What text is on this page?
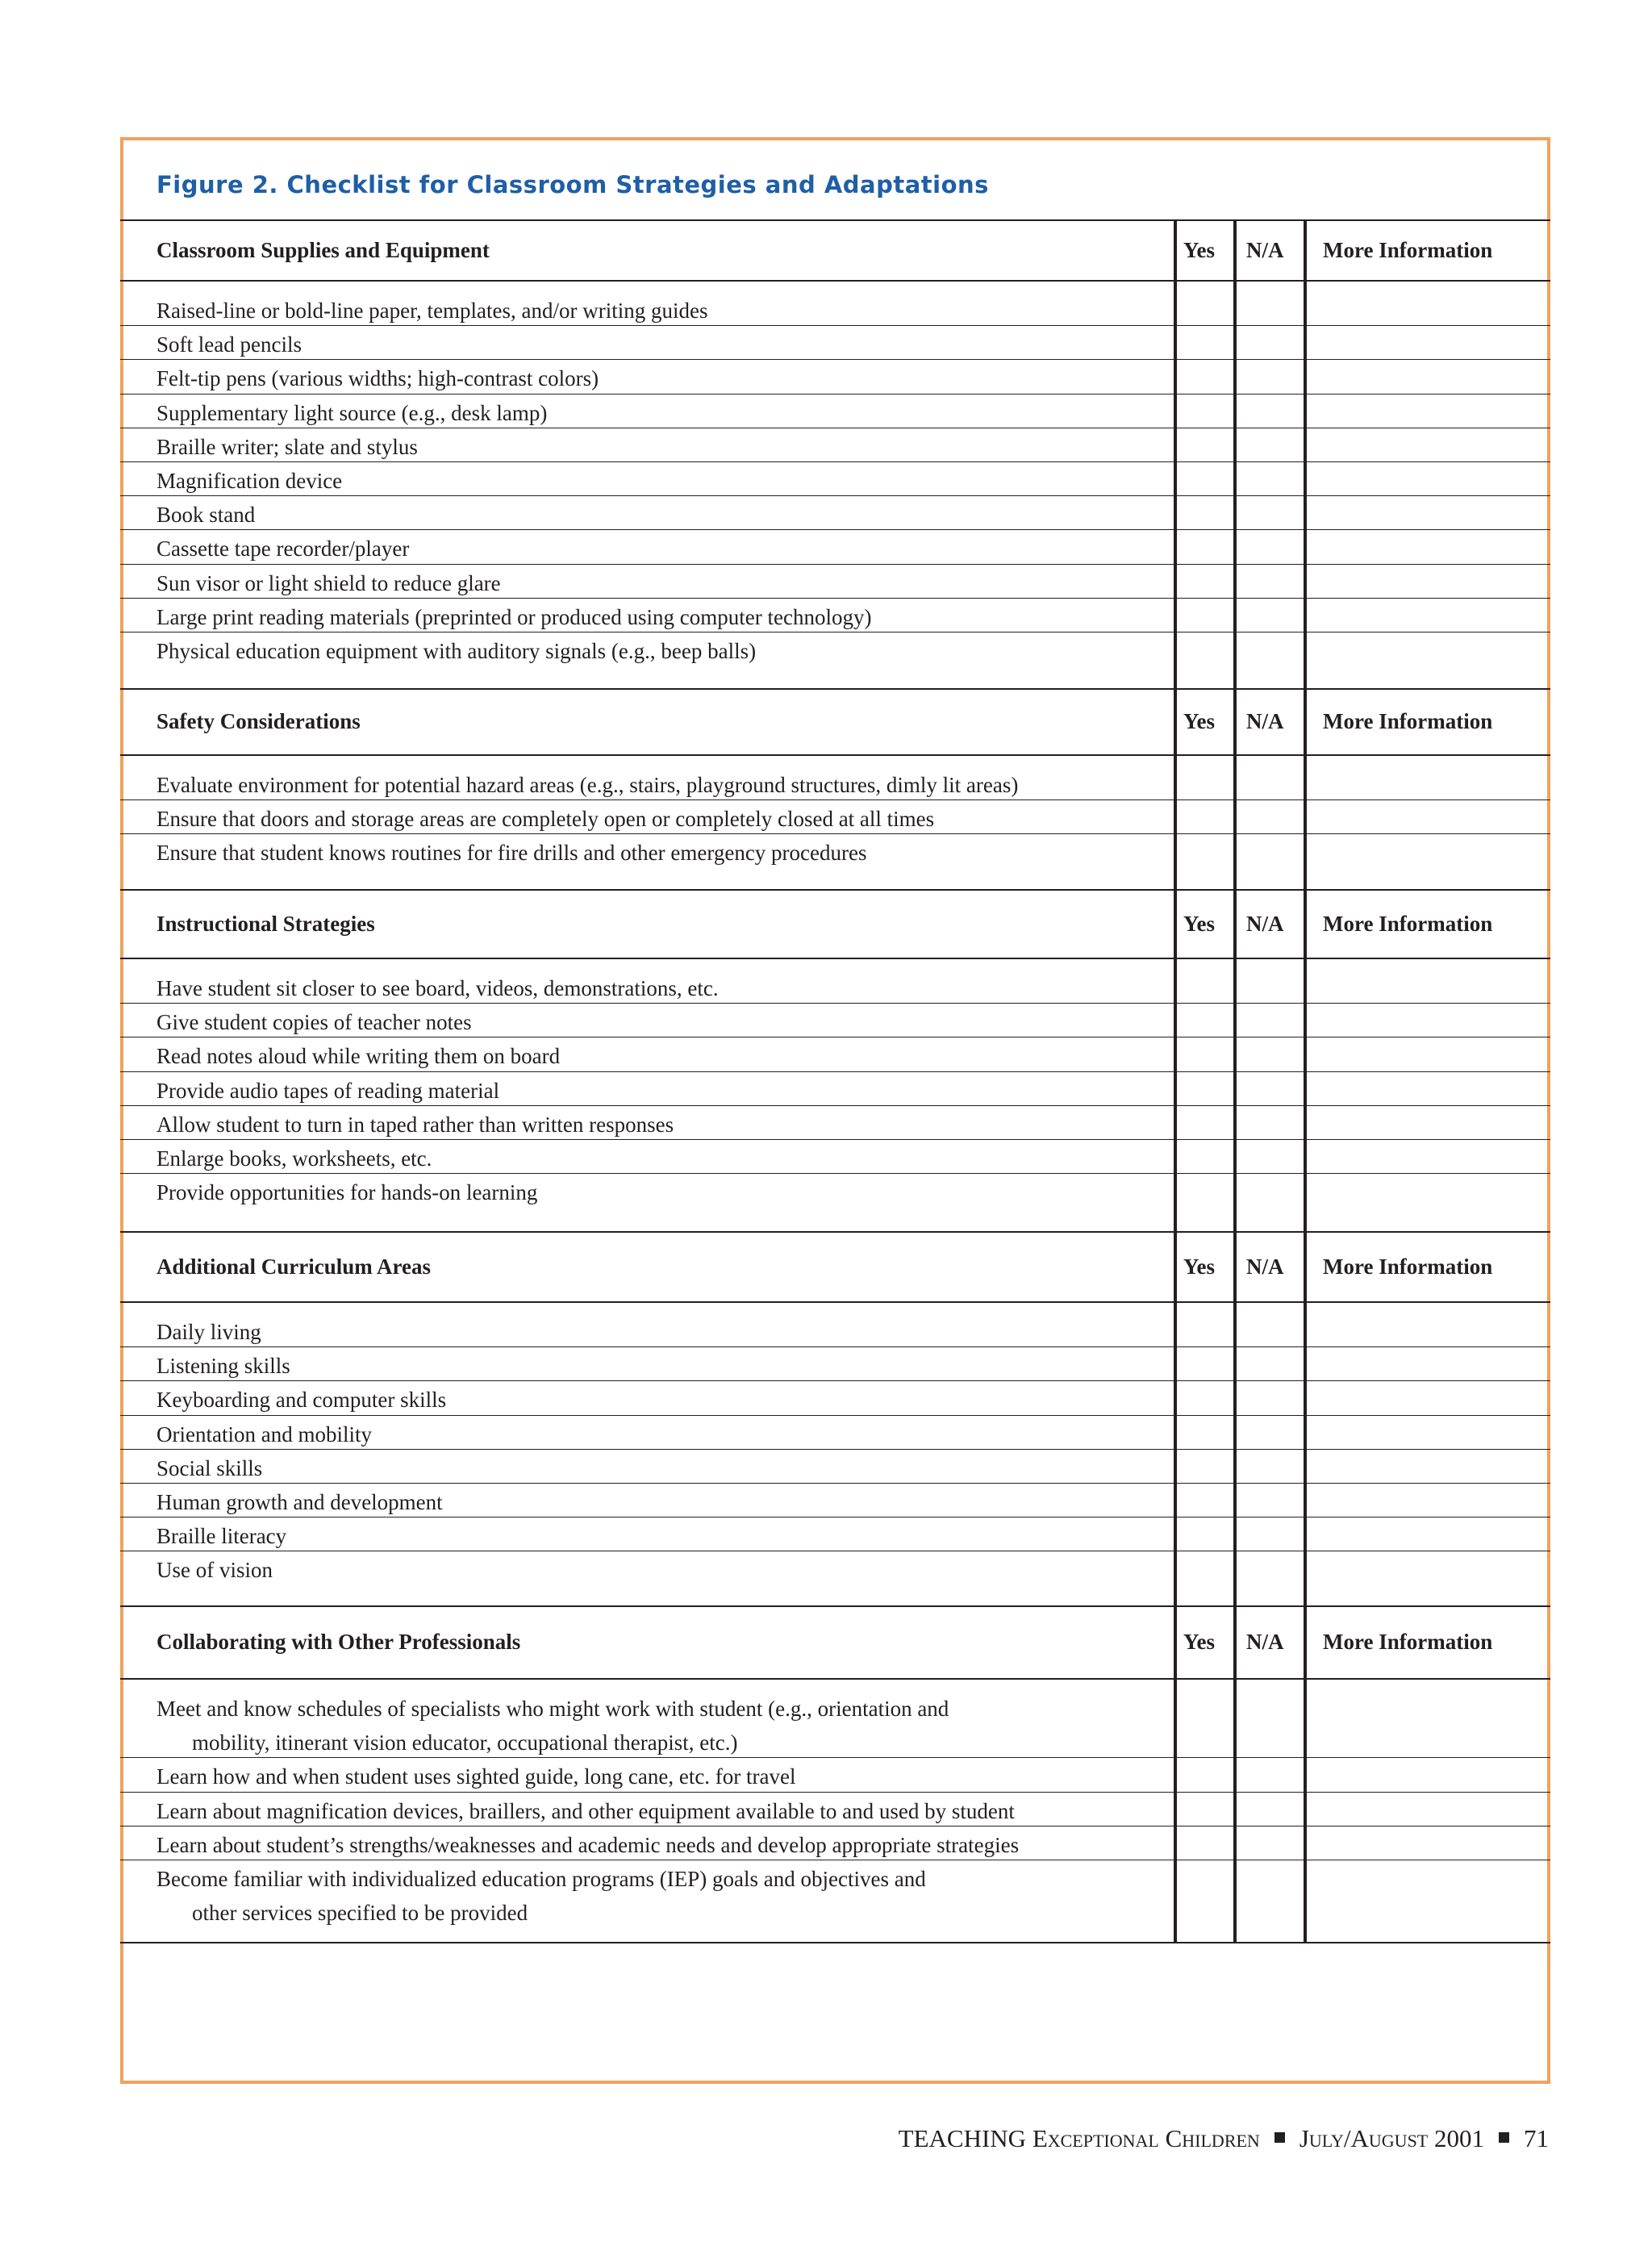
Figure 2. Checklist for Classroom Strategies and Adaptations
Classroom Supplies and Equipment	Yes N/A More Information
Raised-line or bold-line paper, templates, and/or writing guides
Soft lead pencils
Felt-tip pens (various widths; high-contrast colors)
Supplementary light source (e.g., desk lamp)
Braille writer; slate and stylus
Magnification device
Book stand
Cassette tape recorder/player
Sun visor or light shield to reduce glare
Large print reading materials (preprinted or produced using computer technology)
Physical education equipment with auditory signals (e.g., beep balls)
Safety Considerations	Yes N/A More Information
Evaluate environment for potential hazard areas (e.g., stairs, playground structures, dimly lit areas)
Ensure that doors and storage areas are completely open or completely closed at all times
Ensure that student knows routines for fire drills and other emergency procedures
Instructional Strategies	Yes N/A More Information
Have student sit closer to see board, videos, demonstrations, etc.
Give student copies of teacher notes
Read notes aloud while writing them on board
Provide audio tapes of reading material
Allow student to turn in taped rather than written responses
Enlarge books, worksheets, etc.
Provide opportunities for hands-on learning
Additional Curriculum Areas	Yes N/A More Information
Daily living
Listening skills
Keyboarding and computer skills
Orientation and mobility
Social skills
Human growth and development
Braille literacy
Use of vision
Collaborating with Other Professionals	Yes N/A More Information
Meet and know schedules of specialists who might work with student (e.g., orientation and
mobility, itinerant vision educator, occupational therapist, etc.)
Learn how and when student uses sighted guide, long cane, etc. for travel
Learn about magnification devices, braillers, and other equipment available to and used by student
Learn about student’s strengths/weaknesses and academic needs and develop appropriate strategies
Become familiar with individualized education programs (IEP) goals and objectives and
other services specified to be provided
TEACHING Exceptional Children July/August 2001 71
